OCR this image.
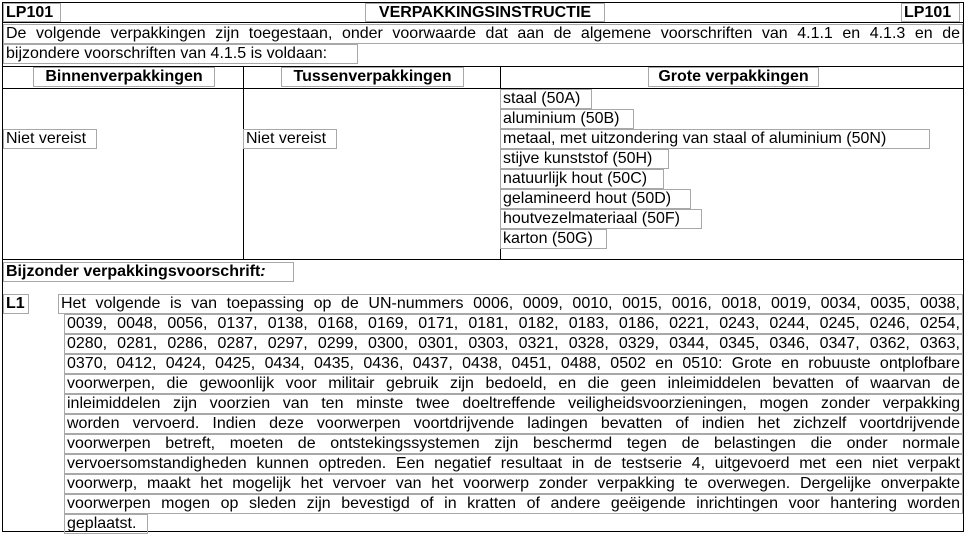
LP101	VERPAKKINGSINSTRUCTIE	LP101
De volgende verpakkingen zijn toegestaan, onder voorwaarde dat aan de algemene voorschriften van 4.1.1 en 4.1.3 en de
bijzondere voorschriften van 4.1.5 is voldaan:
Binnenverpakkingen	Tussenverpakkingen	Grote verpakkingen
Niet vereist	Niet vereist
staal (50A)
aluminium (50B)
metaal, met uitzondering van staal of aluminium (50N)
stijve kunststof (50H)
natuurlijk hout (50C)
gelamineerd hout (50D)
houtvezelmateriaal (50F)
karton (50G)
Bijzonder verpakkingsvoorschrift:
L1 Het volgende is van toepassing op de UN-nummers 0006, 0009, 0010, 0015, 0016, 0018, 0019, 0034, 0035, 0038,
0039, 0048, 0056, 0137, 0138, 0168, 0169, 0171, 0181, 0182, 0183, 0186, 0221, 0243, 0244, 0245, 0246, 0254,
0280, 0281, 0286, 0287, 0297, 0299, 0300, 0301, 0303, 0321, 0328, 0329, 0344, 0345, 0346, 0347, 0362, 0363,
0370, 0412, 0424, 0425, 0434, 0435, 0436, 0437, 0438, 0451, 0488, 0502 en 0510: Grote en robuuste ontplofbare
voorwerpen, die gewoonlijk voor militair gebruik zijn bedoeld, en die geen inleimiddelen bevatten of waarvan de
inleimiddelen zijn voorzien van ten minste twee doeltreffende veiligheidsvoorzieningen, mogen zonder verpakking
worden vervoerd. Indien deze voorwerpen voortdrijvende ladingen bevatten of indien het zichzelf voortdrijvende
voorwerpen betreft, moeten de ontstekingssystemen zijn beschermd tegen de belastingen die onder normale
vervoersomstandigheden kunnen optreden. Een negatief resultaat in de testserie 4, uitgevoerd met een niet verpakt
voorwerp, maakt het mogelijk het vervoer van het voorwerp zonder verpakking te overwegen. Dergelijke onverpakte
voorwerpen mogen op sleden zijn bevestigd of in kratten of andere geëigende inrichtingen voor hantering worden
geplaatst.
